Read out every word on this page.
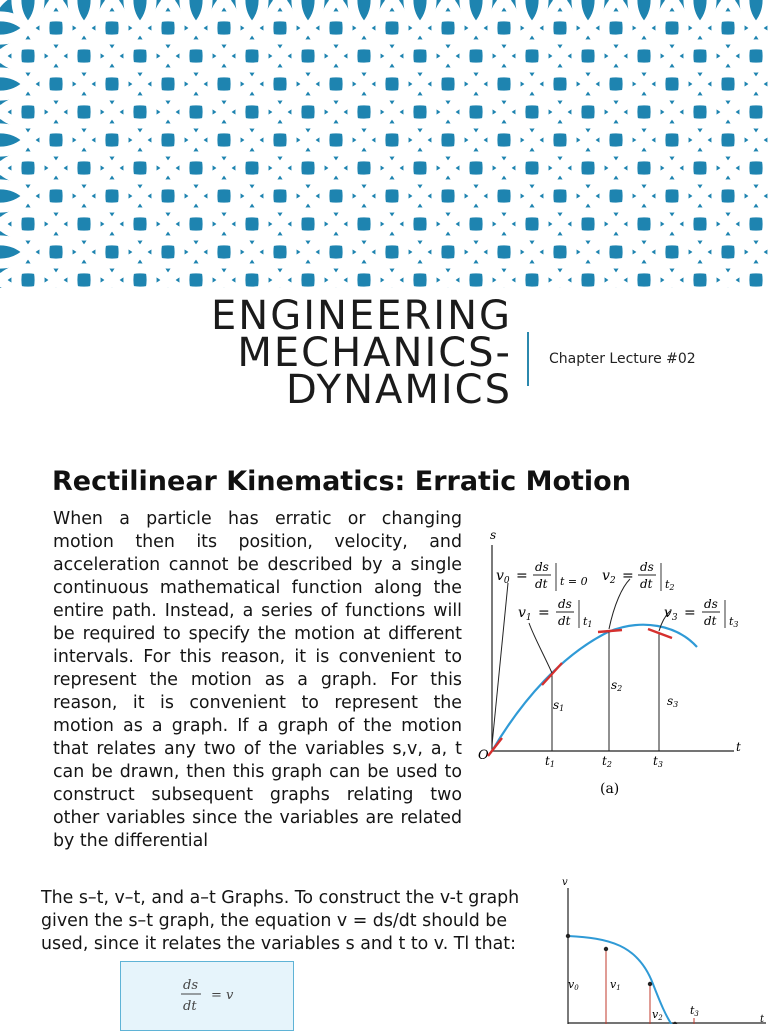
ENGINEERING
MECHANICS-
DYNAMICS
Chapter Lecture #02
Rectilinear Kinematics: Erratic Motion
When a particle has erratic or changing motion then its position, velocity, and acceleration cannot be described by a single continuous mathematical function along the entire path. Instead, a series of functions will be required to specify the motion at different intervals. For this reason, it is convenient to represent the motion as a graph. For this reason, it is convenient to represent the motion as a graph. If a graph of the motion that relates any two of the variables s,v, a, t can be drawn, then this graph can be used to construct subsequent graphs relating two other variables since the variables are related by the differential
s
t
O
$v_0$ =
ds
dt t = 0 $v_2$ =
ds
dt t2
$v_1$ =
ds
dt t1
$v_3$ =
ds
dt t3
s1
s2
s3
t1	t2	t3
(a)
The s–t, v–t, and a–t Graphs. To construct the v-t graph given the s–t graph, the equation v = ds/dt should be used, since it relates the variables s and t to v. Tl that:
ds
dt
= v
v
t
v0	v1
v2
t3
